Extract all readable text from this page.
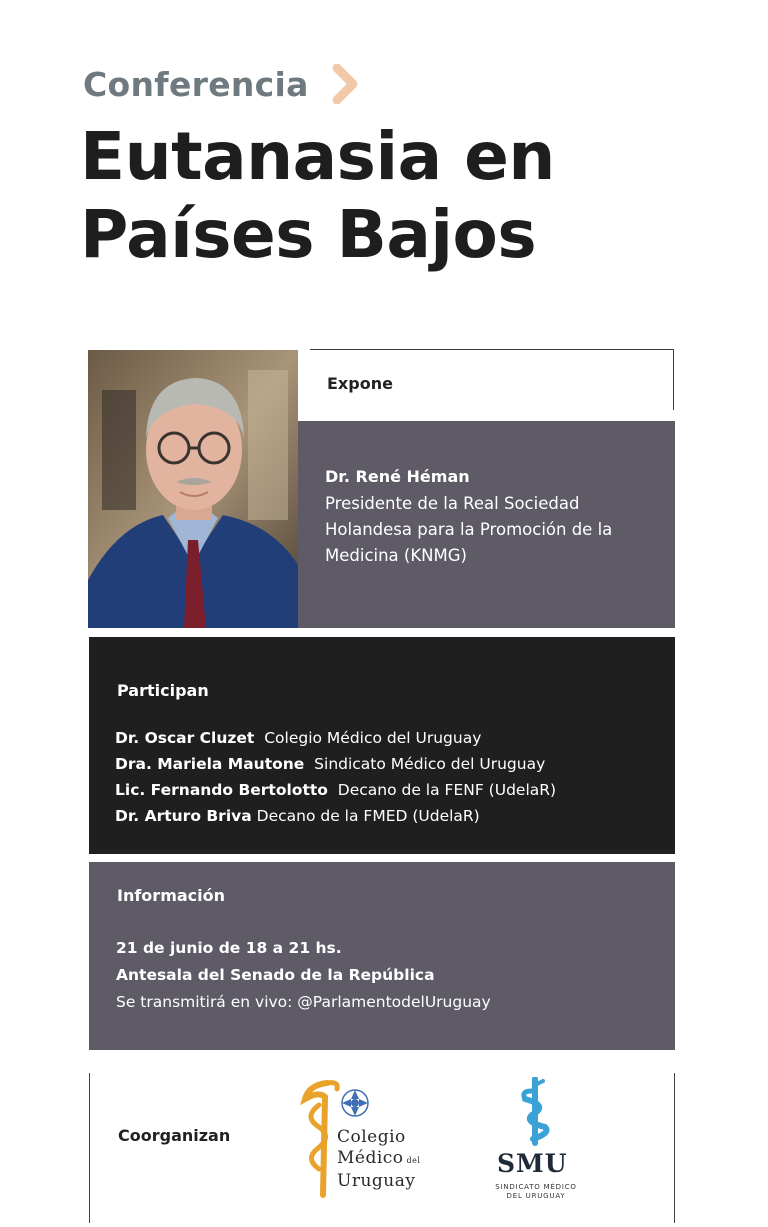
Conferencia
Eutanasia en
Países Bajos
Expone
Dr. René Héman
Presidente de la Real Sociedad Holandesa para la Promoción de la Medicina (KNMG)
Participan
Dr. Oscar Cluzet Colegio Médico del Uruguay
Dra. Mariela Mautone Sindicato Médico del Uruguay
Lic. Fernando Bertolotto Decano de la FENF (UdelaR)
Dr. Arturo Briva Decano de la FMED (UdelaR)
Información
21 de junio de 18 a 21 hs.
Antesala del Senado de la República
Se transmitirá en vivo: @ParlamentodelUruguay
Coorganizan	Colegio
Médico del
Uruguay
SMU
SINDICATO MÉDICO
DEL URUGUAY
